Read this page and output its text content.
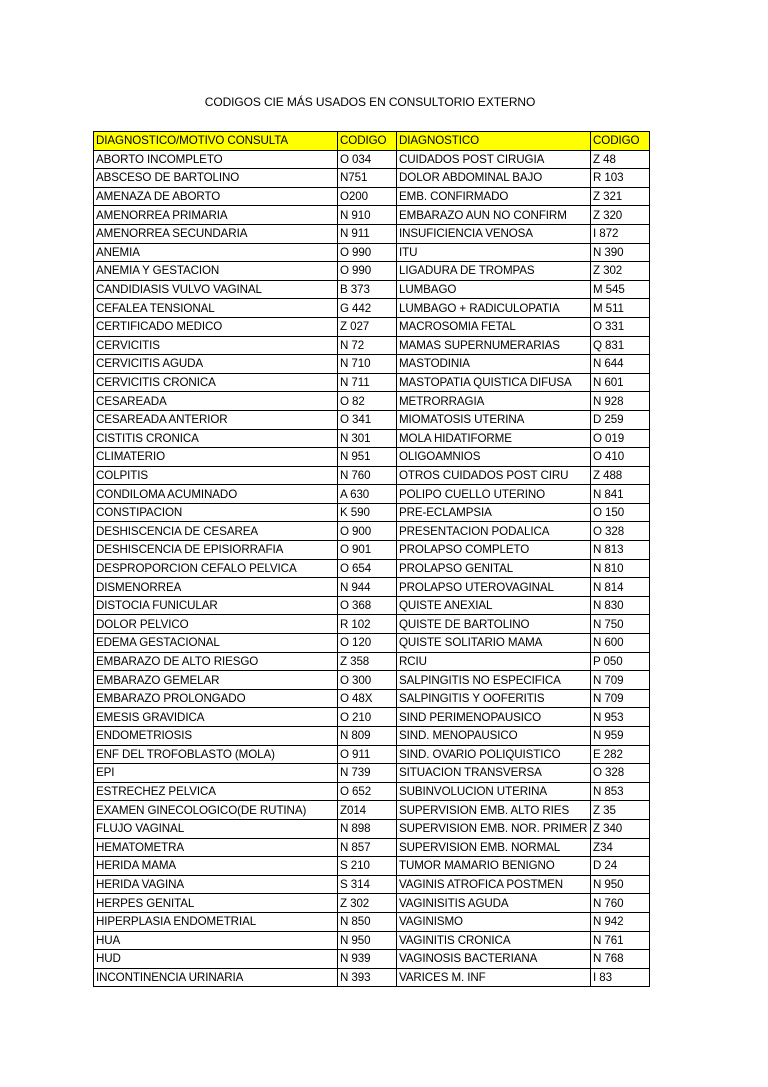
CODIGOS CIE MÁS USADOS EN CONSULTORIO EXTERNO
DIAGNOSTICO/MOTIVO CONSULTA	CODIGO	DIAGNOSTICO	CODIGO
ABORTO INCOMPLETO	O 034	CUIDADOS POST CIRUGIA	Z 48
ABSCESO DE BARTOLINO	N751	DOLOR ABDOMINAL BAJO	R 103
AMENAZA DE ABORTO	O200	EMB. CONFIRMADO	Z 321
AMENORREA PRIMARIA	N 910	EMBARAZO AUN NO CONFIRM	Z 320
AMENORREA SECUNDARIA	N 911	INSUFICIENCIA VENOSA	I 872
ANEMIA	O 990	ITU	N 390
ANEMIA Y GESTACION	O 990	LIGADURA DE TROMPAS	Z 302
CANDIDIASIS VULVO VAGINAL	B 373	LUMBAGO	M 545
CEFALEA TENSIONAL	G 442	LUMBAGO + RADICULOPATIA	M 511
CERTIFICADO MEDICO	Z 027	MACROSOMIA FETAL	O 331
CERVICITIS	N 72	MAMAS SUPERNUMERARIAS	Q 831
CERVICITIS AGUDA	N 710	MASTODINIA	N 644
CERVICITIS CRONICA	N 711	MASTOPATIA QUISTICA DIFUSA	N 601
CESAREADA	O 82	METRORRAGIA	N 928
CESAREADA ANTERIOR	O 341	MIOMATOSIS UTERINA	D 259
CISTITIS CRONICA	N 301	MOLA HIDATIFORME	O 019
CLIMATERIO	N 951	OLIGOAMNIOS	O 410
COLPITIS	N 760	OTROS CUIDADOS POST CIRU	Z 488
CONDILOMA ACUMINADO	A 630	POLIPO CUELLO UTERINO	N 841
CONSTIPACION	K 590	PRE-ECLAMPSIA	O 150
DESHISCENCIA DE CESAREA	O 900	PRESENTACION PODALICA	O 328
DESHISCENCIA DE EPISIORRAFIA	O 901	PROLAPSO COMPLETO	N 813
DESPROPORCION CEFALO PELVICA	O 654	PROLAPSO GENITAL	N 810
DISMENORREA	N 944	PROLAPSO UTEROVAGINAL	N 814
DISTOCIA FUNICULAR	O 368	QUISTE ANEXIAL	N 830
DOLOR PELVICO	R 102	QUISTE DE BARTOLINO	N 750
EDEMA GESTACIONAL	O 120	QUISTE SOLITARIO MAMA	N 600
EMBARAZO DE ALTO RIESGO	Z 358	RCIU	P 050
EMBARAZO GEMELAR	O 300	SALPINGITIS NO ESPECIFICA	N 709
EMBARAZO PROLONGADO	O 48X	SALPINGITIS Y OOFERITIS	N 709
EMESIS GRAVIDICA	O 210	SIND PERIMENOPAUSICO	N 953
ENDOMETRIOSIS	N 809	SIND. MENOPAUSICO	N 959
ENF DEL TROFOBLASTO (MOLA)	O 911	SIND. OVARIO POLIQUISTICO	E 282
EPI	N 739	SITUACION TRANSVERSA	O 328
ESTRECHEZ PELVICA	O 652	SUBINVOLUCION UTERINA	N 853
EXAMEN GINECOLOGICO(DE RUTINA)	Z014	SUPERVISION EMB. ALTO RIES	Z 35
FLUJO VAGINAL	N 898	SUPERVISION EMB. NOR. PRIMER	Z 340
HEMATOMETRA	N 857	SUPERVISION EMB. NORMAL	Z34
HERIDA MAMA	S 210	TUMOR MAMARIO BENIGNO	D 24
HERIDA VAGINA	S 314	VAGINIS ATROFICA POSTMEN	N 950
HERPES GENITAL	Z 302	VAGINISITIS AGUDA	N 760
HIPERPLASIA ENDOMETRIAL	N 850	VAGINISMO	N 942
HUA	N 950	VAGINITIS CRONICA	N 761
HUD	N 939	VAGINOSIS BACTERIANA	N 768
INCONTINENCIA URINARIA	N 393	VARICES M. INF	I 83
